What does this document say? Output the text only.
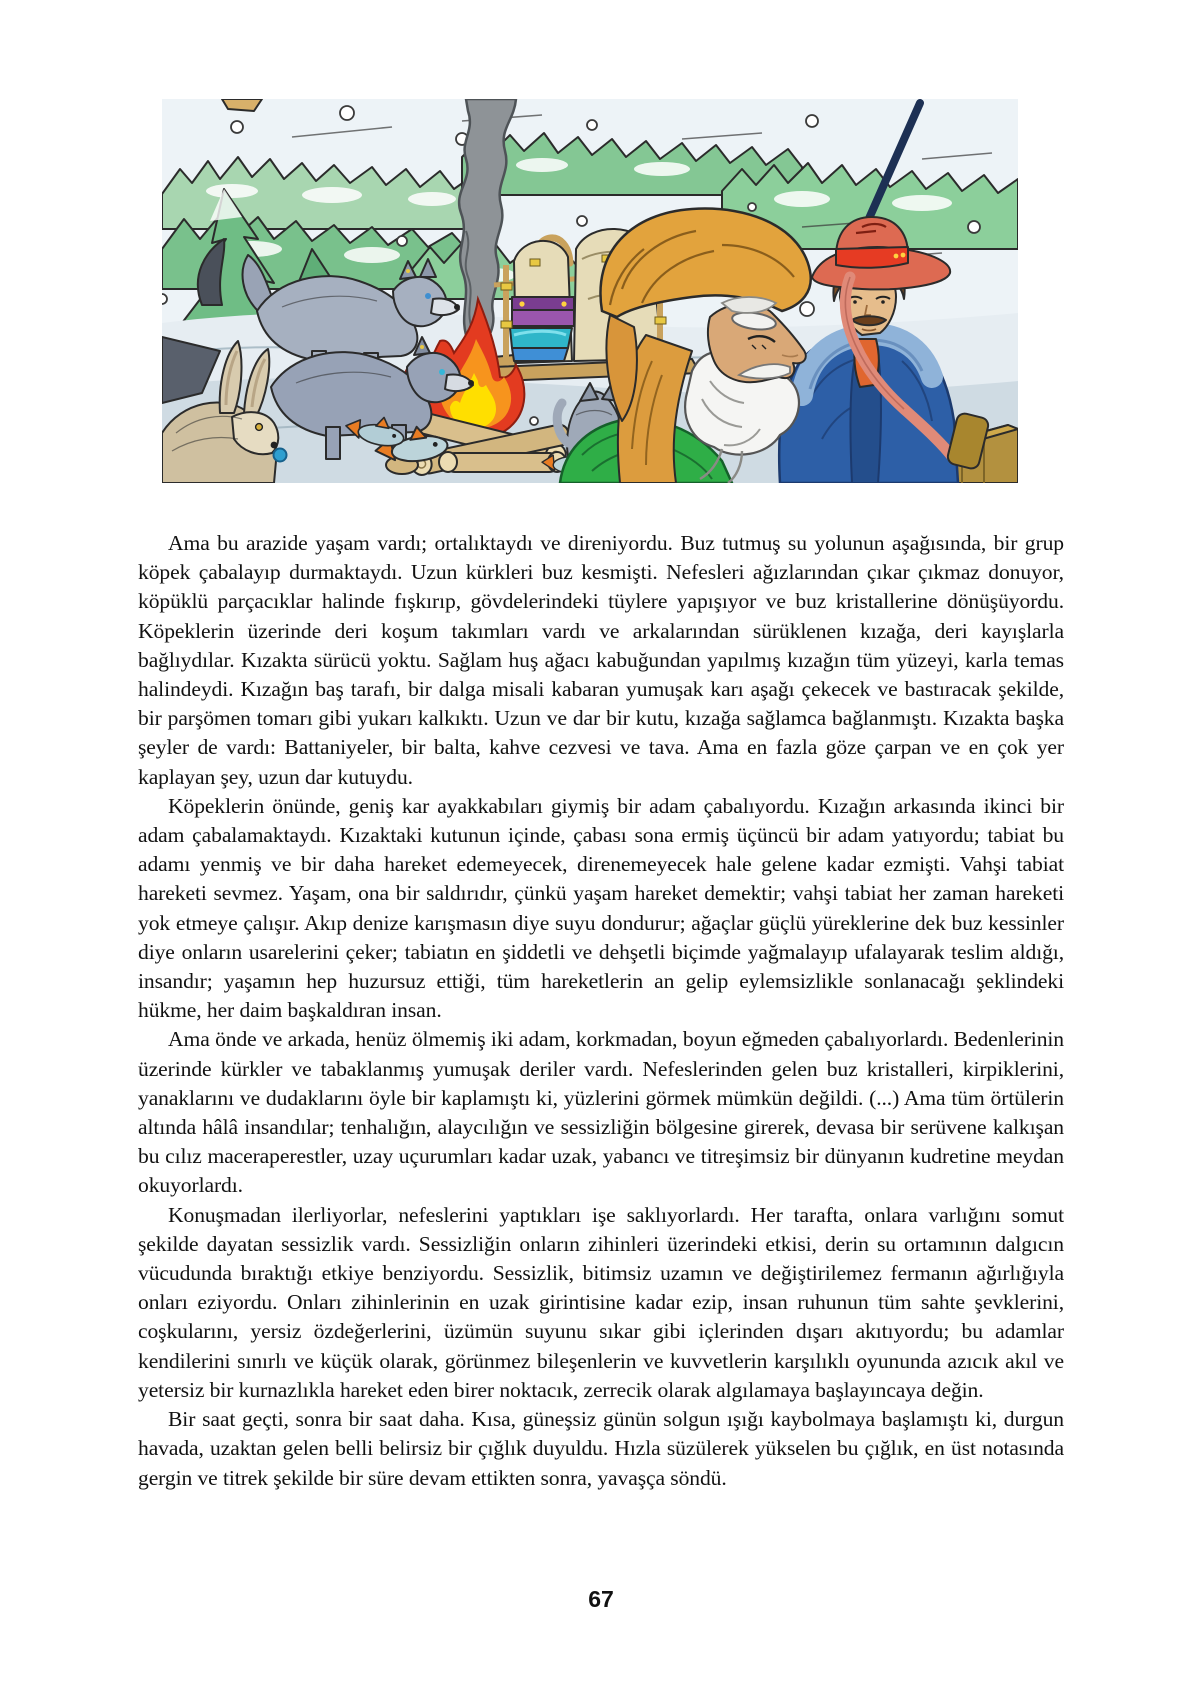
Ama bu arazide yaşam vardı; ortalıktaydı ve direniyordu. Buz tutmuş su yolunun aşağısında, bir grup köpek çabalayıp durmaktaydı. Uzun kürkleri buz kesmişti. Nefesleri ağızlarından çıkar çıkmaz donuyor, köpüklü parçacıklar halinde fışkırıp, gövdelerindeki tüylere yapışıyor ve buz kristallerine dönüşüyordu. Köpeklerin üzerinde deri koşum takımları vardı ve arkalarından sürüklenen kızağa, deri kayışlarla bağlıydılar. Kızakta sürücü yoktu. Sağlam huş ağacı kabuğundan yapılmış kızağın tüm yüzeyi, karla temas halindeydi. Kızağın baş tarafı, bir dalga misali kabaran yumuşak karı aşağı çekecek ve bastıracak şekilde, bir parşömen tomarı gibi yukarı kalkıktı. Uzun ve dar bir kutu, kızağa sağlamca bağlanmıştı. Kızakta başka şeyler de vardı: Battaniyeler, bir balta, kahve cezvesi ve tava. Ama en fazla göze çarpan ve en çok yer kaplayan şey, uzun dar kutuydu.

Köpeklerin önünde, geniş kar ayakkabıları giymiş bir adam çabalıyordu. Kızağın arkasında ikinci bir adam çabalamaktaydı. Kızaktaki kutunun içinde, çabası sona ermiş üçüncü bir adam yatıyordu; tabiat bu adamı yenmiş ve bir daha hareket edemeyecek, direnemeyecek hale gelene kadar ezmişti. Vahşi tabiat hareketi sevmez. Yaşam, ona bir saldırıdır, çünkü yaşam hareket demektir; vahşi tabiat her zaman hareketi yok etmeye çalışır. Akıp denize karışmasın diye suyu dondurur; ağaçlar güçlü yüreklerine dek buz kessinler diye onların usarelerini çeker; tabiatın en şiddetli ve dehşetli biçimde yağmalayıp ufalayarak teslim aldığı, insandır; yaşamın hep huzursuz ettiği, tüm hareketlerin an gelip eylemsizlikle sonlanacağı şeklindeki hükme, her daim başkaldıran insan.

Ama önde ve arkada, henüz ölmemiş iki adam, korkmadan, boyun eğmeden çabalıyorlardı. Bedenlerinin üzerinde kürkler ve tabaklanmış yumuşak deriler vardı. Nefeslerinden gelen buz kristalleri, kirpiklerini, yanaklarını ve dudaklarını öyle bir kaplamıştı ki, yüzlerini görmek mümkün değildi. (...) Ama tüm örtülerin altında hâlâ insandılar; tenhalığın, alaycılığın ve sessizliğin bölgesine girerek, devasa bir serüvene kalkışan bu cılız maceraperestler, uzay uçurumları kadar uzak, yabancı ve titreşimsiz bir dünyanın kudretine meydan okuyorlardı.

Konuşmadan ilerliyorlar, nefeslerini yaptıkları işe saklıyorlardı. Her tarafta, onlara varlığını somut şekilde dayatan sessizlik vardı. Sessizliğin onların zihinleri üzerindeki etkisi, derin su ortamının dalgıcın vücudunda bıraktığı etkiye benziyordu. Sessizlik, bitimsiz uzamın ve değiştirilemez fermanın ağırlığıyla onları eziyordu. Onları zihinlerinin en uzak girintisine kadar ezip, insan ruhunun tüm sahte şevklerini, coşkularını, yersiz özdeğerlerini, üzümün suyunu sıkar gibi içlerinden dışarı akıtıyordu; bu adamlar kendilerini sınırlı ve küçük olarak, görünmez bileşenlerin ve kuvvetlerin karşılıklı oyununda azıcık akıl ve yetersiz bir kurnazlıkla hareket eden birer noktacık, zerrecik olarak algılamaya başlayıncaya değin.

Bir saat geçti, sonra bir saat daha. Kısa, güneşsiz günün solgun ışığı kaybolmaya başlamıştı ki, durgun havada, uzaktan gelen belli belirsiz bir çığlık duyuldu. Hızla süzülerek yükselen bu çığlık, en üst notasında gergin ve titrek şekilde bir süre devam ettikten sonra, yavaşça söndü.

67
